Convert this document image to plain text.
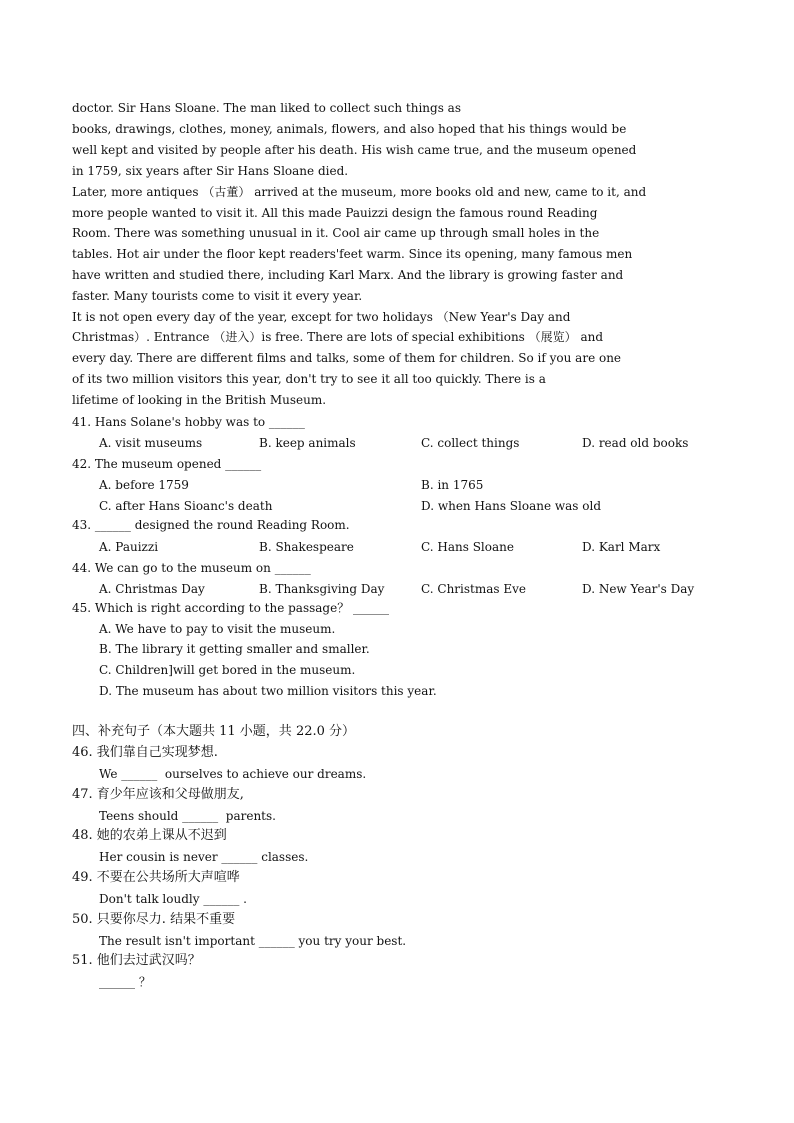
doctor. Sir Hans Sloane. The man liked to collect such things as
books, drawings, clothes, money, animals, flowers, and also hoped that his things would be
well kept and visited by people after his death. His wish came true, and the museum opened
in 1759, six years after Sir Hans Sloane died.
Later, more antiques （古董） arrived at the museum, more books old and new, came to it, and
more people wanted to visit it. All this made Pauizzi design the famous round Reading
Room. There was something unusual in it. Cool air came up through small holes in the
tables. Hot air under the floor kept readers'feet warm. Since its opening, many famous men
have written and studied there, including Karl Marx. And the library is growing faster and
faster. Many tourists come to visit it every year.
It is not open every day of the year, except for two holidays （New Year's Day and
Christmas）. Entrance （进入）is free. There are lots of special exhibitions （展览） and
every day. There are different films and talks, some of them for children. So if you are one
of its two million visitors this year, don't try to see it all too quickly. There is a
lifetime of looking in the British Museum.
41. Hans Solane's hobby was to ______
A. visit museums	B. keep animals	C. collect things	D. read old books
42. The museum opened ______
A. before 1759	B. in 1765
C. after Hans Sioanc's death	D. when Hans Sloane was old
43. ______ designed the round Reading Room.
A. Pauizzi	B. Shakespeare	C. Hans Sloane	D. Karl Marx
44. We can go to the museum on ______
A. Christmas Day	B. Thanksgiving Day	C. Christmas Eve	D. New Year's Day
45. Which is right according to the passage？ ______
A. We have to pay to visit the museum.
B. The library it getting smaller and smaller.
C. Children]will get bored in the museum.
D. The museum has about two million visitors this year.
四、补充句子（本大题共 11 小题，共 22.0 分）
46. 我们靠自己实现梦想.
We ______  ourselves to achieve our dreams.
47. 育少年应该和父母做朋友,
Teens should ______  parents.
48. 她的农弟上课从不迟到
Her cousin is never ______ classes.
49. 不要在公共场所大声喧哗
Don't talk loudly ______ .
50. 只要你尽力. 结果不重要
The result isn't important ______ you try your best.
51. 他们去过武汉吗？
______ ？
